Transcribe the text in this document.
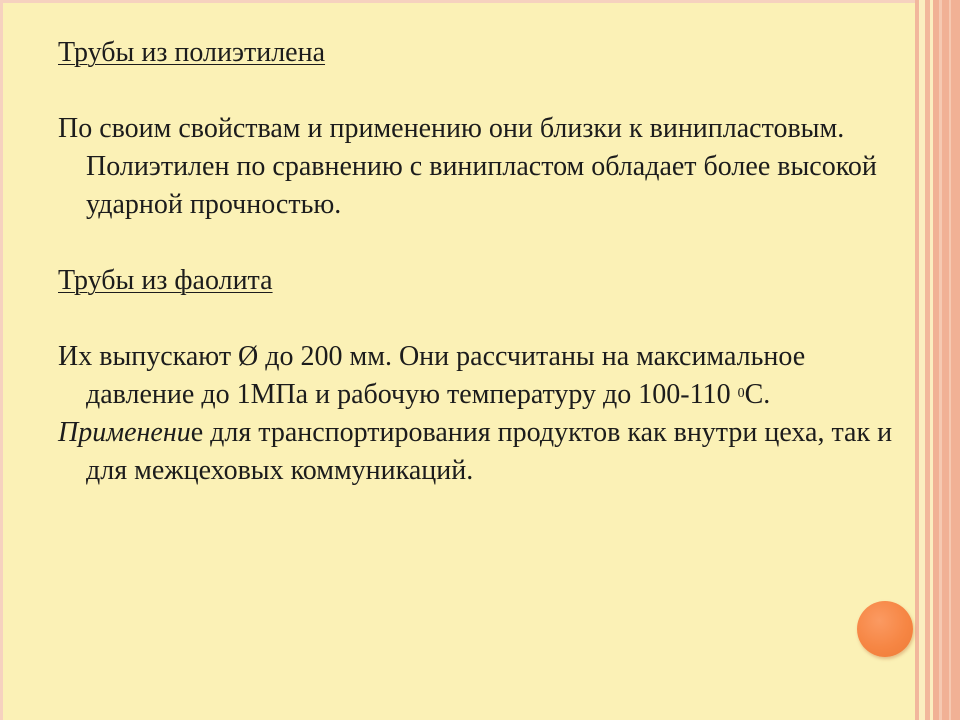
Трубы из полиэтилена

По своим свойствам и применению они близки к винипластовым. Полиэтилен по сравнению с винипластом обладает более высокой ударной прочностью.

Трубы из фаолита

Их выпускают Ø до 200 мм. Они рассчитаны на максимальное давление до 1МПа и рабочую температуру до 100-110 $^0$С.

Применение для транспортирования продуктов как внутри цеха, так и для межцеховых коммуникаций.
